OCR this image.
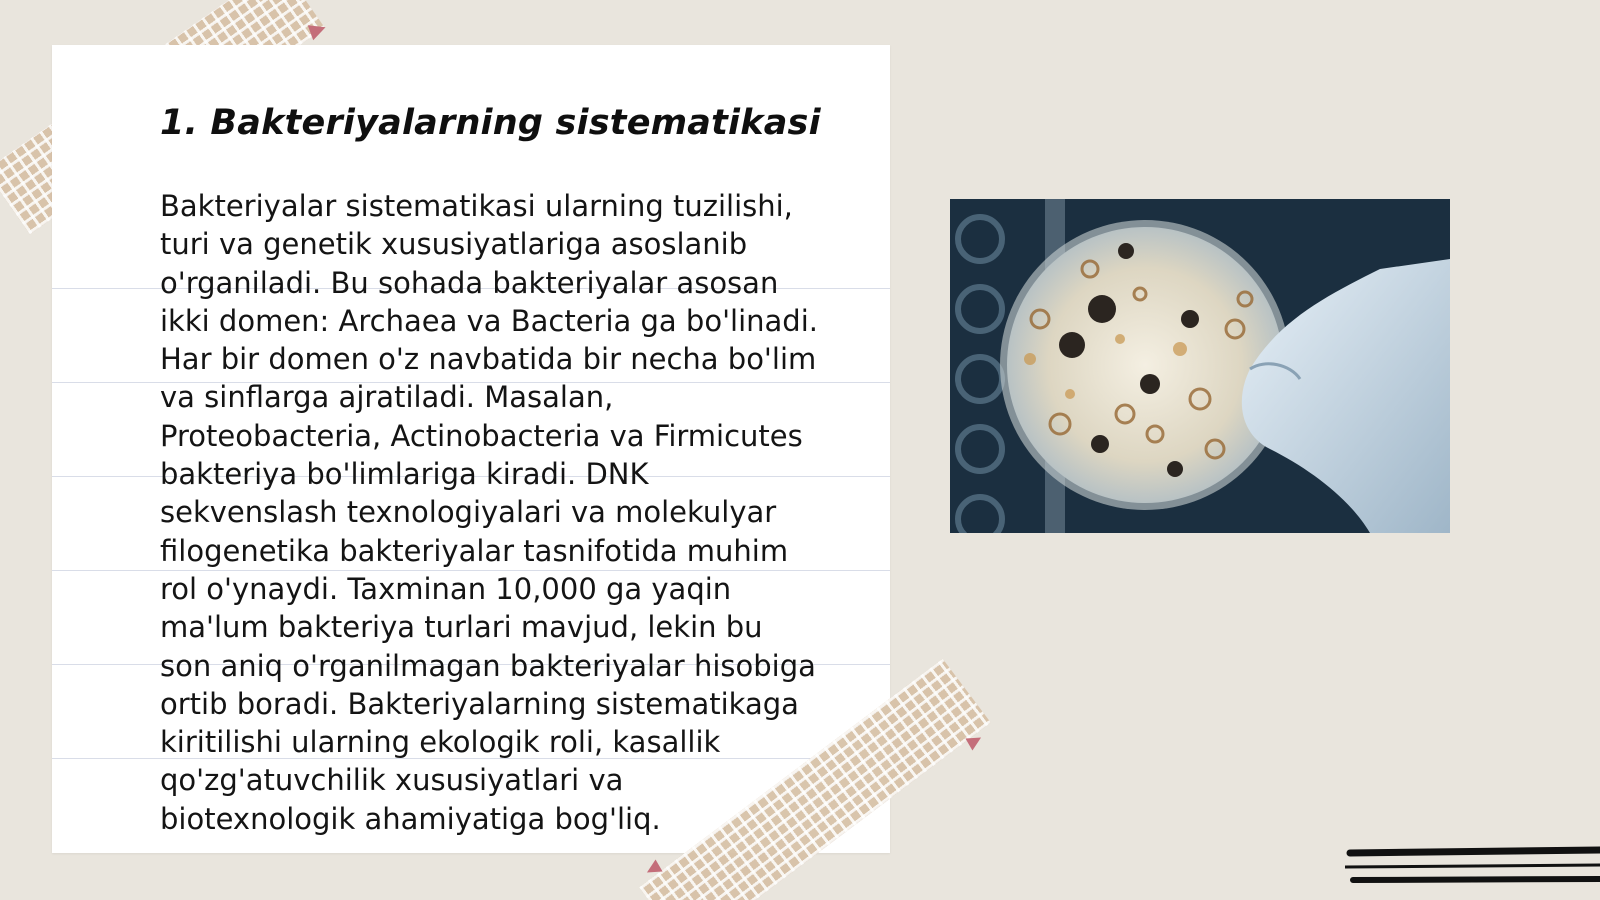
1. Bakteriyalarning sistematikasi

Bakteriyalar sistematikasi ularning tuzilishi,
turi va genetik xususiyatlariga asoslanib
o'rganiladi. Bu sohada bakteriyalar asosan
ikki domen: Archaea va Bacteria ga bo'linadi.
Har bir domen o'z navbatida bir necha bo'lim
va sinflarga ajratiladi. Masalan,
Proteobacteria, Actinobacteria va Firmicutes
bakteriya bo'limlariga kiradi. DNK
sekvenslash texnologiyalari va molekulyar
filogenetika bakteriyalar tasnifotida muhim
rol o'ynaydi. Taxminan 10,000 ga yaqin
ma'lum bakteriya turlari mavjud, lekin bu
son aniq o'rganilmagan bakteriyalar hisobiga
ortib boradi. Bakteriyalarning sistematikaga
kiritilishi ularning ekologik roli, kasallik
qo'zg'atuvchilik xususiyatlari va
biotexnologik ahamiyatiga bog'liq.
